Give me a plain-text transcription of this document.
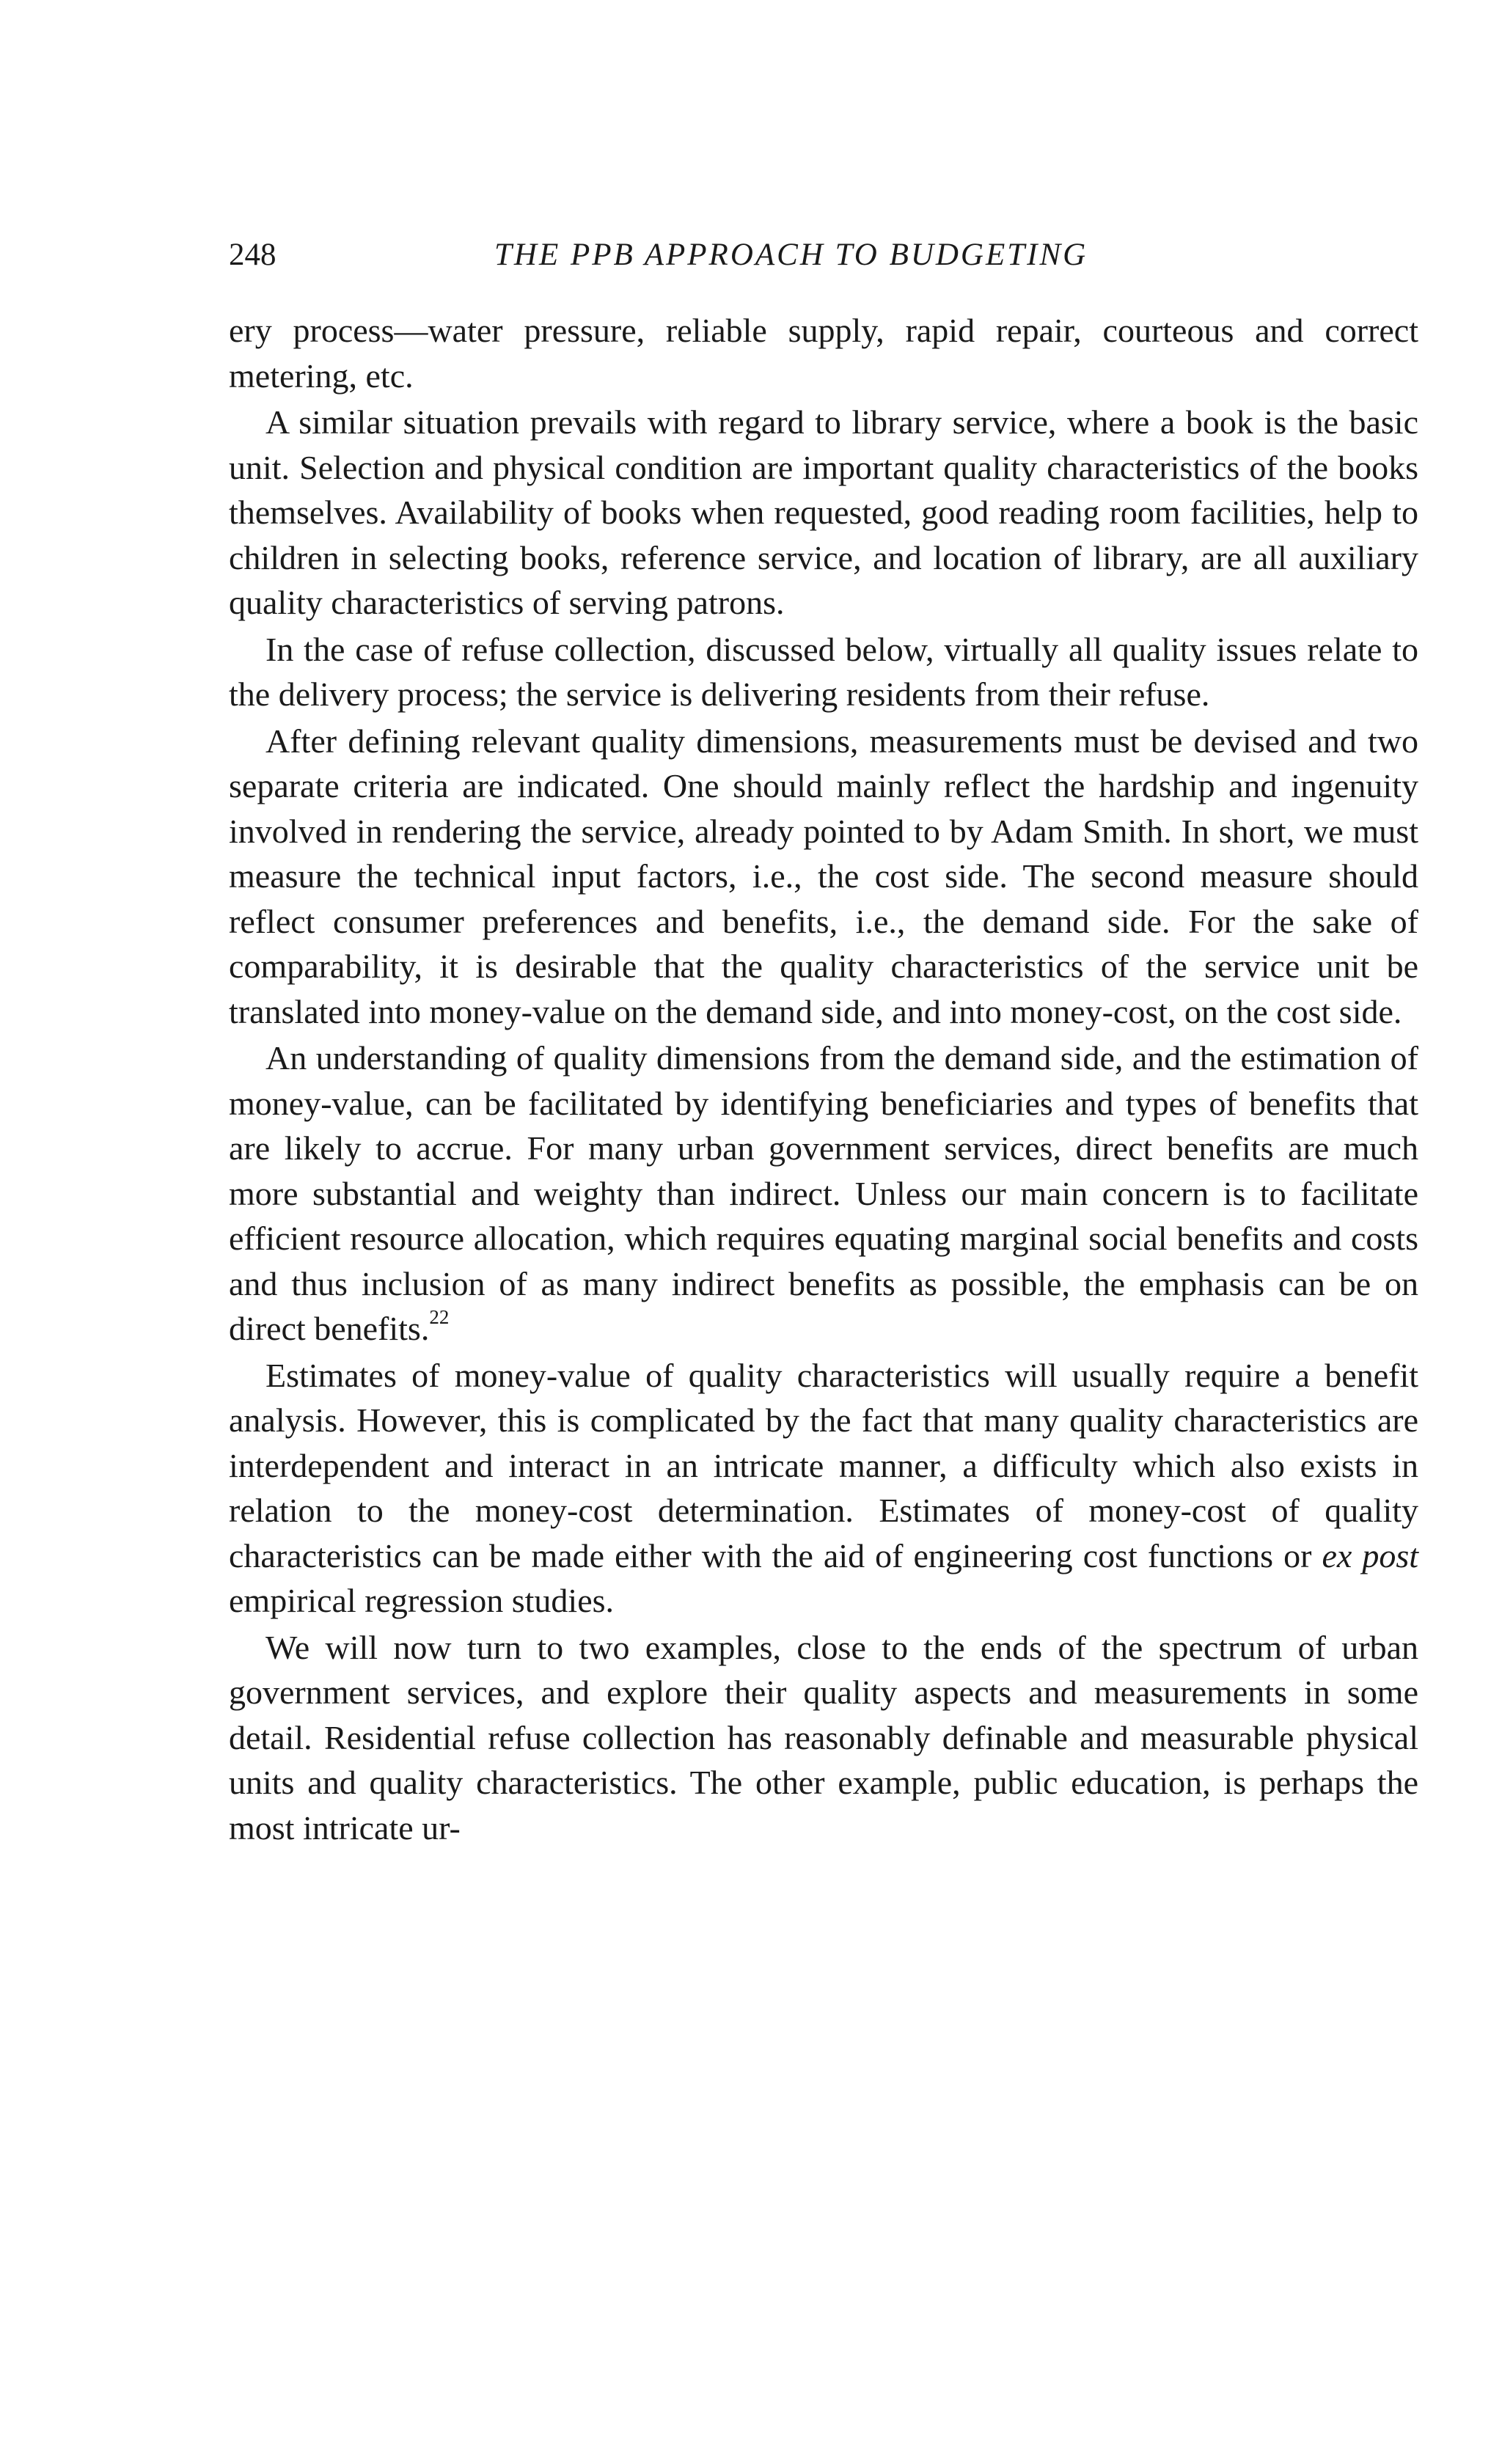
248	THE PPB APPROACH TO BUDGETING

ery process—water pressure, reliable supply, rapid repair, courteous and correct metering, etc.

A similar situation prevails with regard to library service, where a book is the basic unit. Selection and physical condition are important quality characteristics of the books themselves. Availability of books when requested, good reading room facilities, help to children in selecting books, reference service, and location of library, are all auxiliary quality characteristics of serving patrons.

In the case of refuse collection, discussed below, virtually all quality issues relate to the delivery process; the service is delivering residents from their refuse.

After defining relevant quality dimensions, measurements must be devised and two separate criteria are indicated. One should mainly reflect the hardship and ingenuity involved in rendering the service, already pointed to by Adam Smith. In short, we must measure the technical input factors, i.e., the cost side. The second measure should reflect consumer preferences and benefits, i.e., the demand side. For the sake of comparability, it is desirable that the quality characteristics of the service unit be translated into money-value on the demand side, and into money-cost, on the cost side.

An understanding of quality dimensions from the demand side, and the estimation of money-value, can be facilitated by identifying beneficiaries and types of benefits that are likely to accrue. For many urban government services, direct benefits are much more substantial and weighty than indirect. Unless our main concern is to facilitate efficient resource allocation, which requires equating marginal social benefits and costs and thus inclusion of as many indirect benefits as possible, the emphasis can be on direct benefits.$^{22}$

Estimates of money-value of quality characteristics will usually require a benefit analysis. However, this is complicated by the fact that many quality characteristics are interdependent and interact in an intricate manner, a difficulty which also exists in relation to the money-cost determination. Estimates of money-cost of quality characteristics can be made either with the aid of engineering cost functions or ex post empirical regression studies.

We will now turn to two examples, close to the ends of the spectrum of urban government services, and explore their quality aspects and measurements in some detail. Residential refuse collection has reasonably definable and measurable physical units and quality characteristics. The other example, public education, is perhaps the most intricate ur-
